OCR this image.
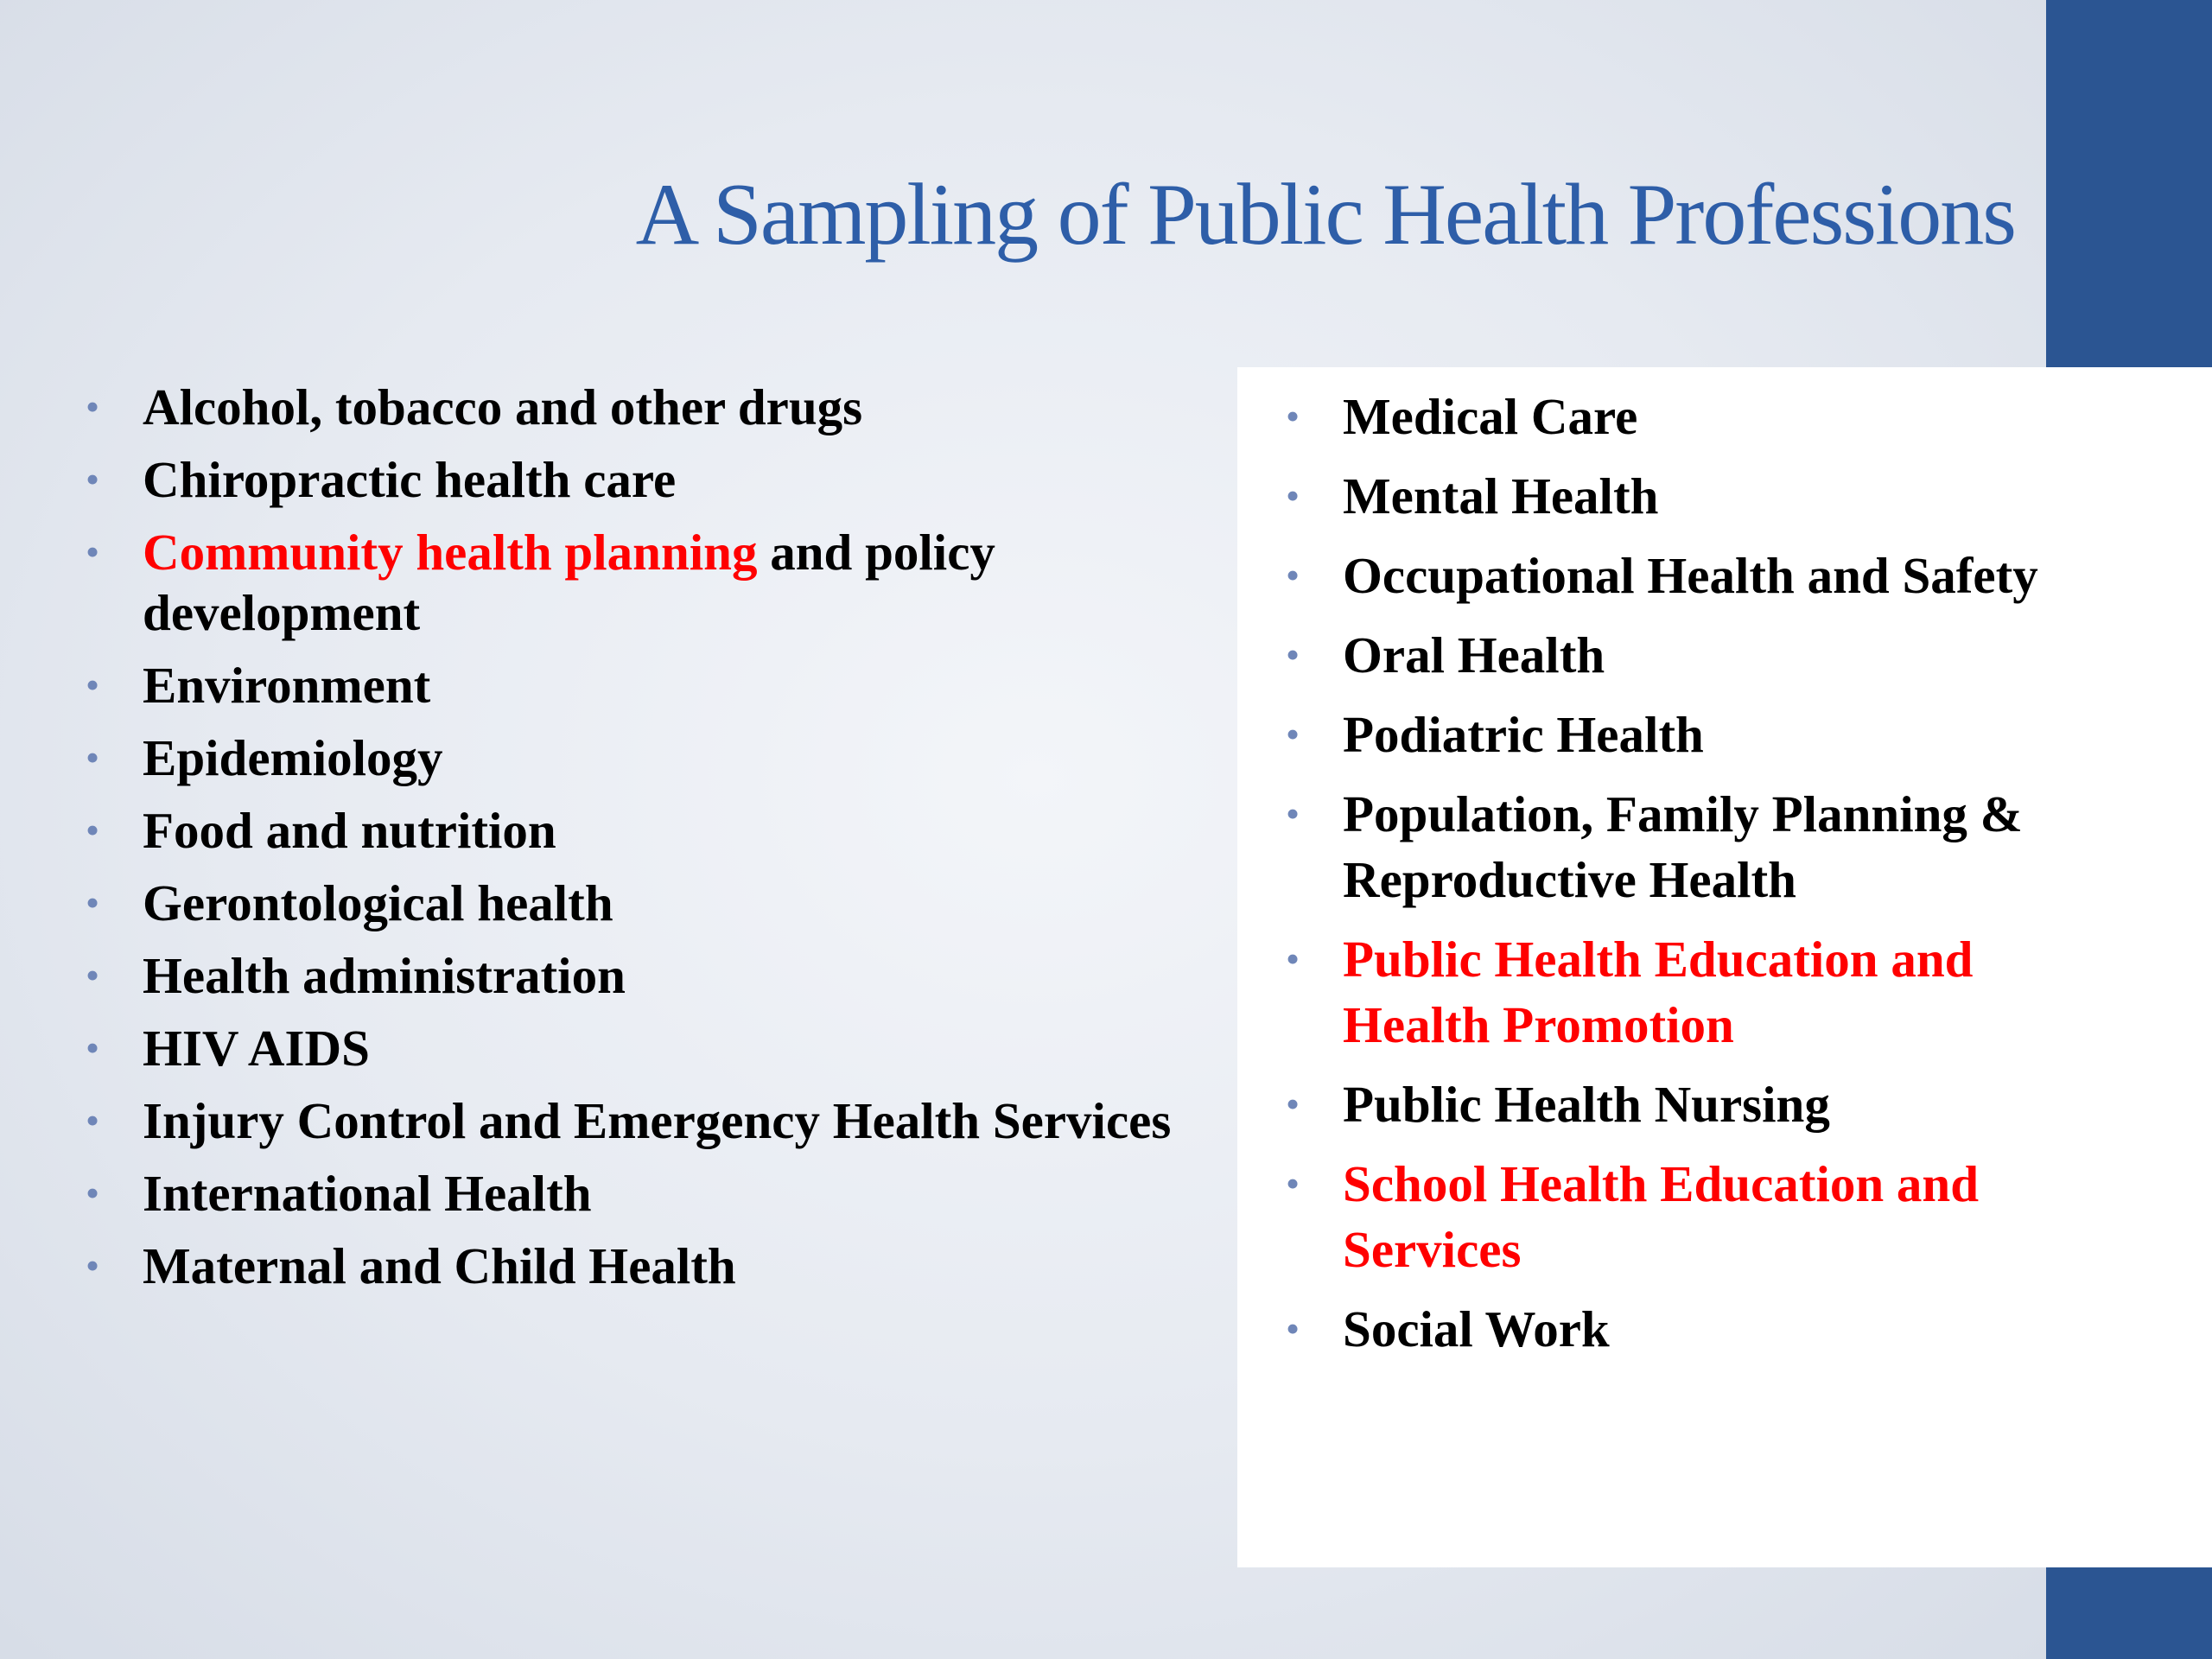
A Sampling of Public Health Professions
• Alcohol, tobacco and other drugs
• Chiropractic health care
• Community health planning and policy development
• Environment
• Epidemiology
• Food and nutrition
• Gerontological health
• Health administration
• HIV AIDS
• Injury Control and Emergency Health Services
• International Health
• Maternal and Child Health
• Medical Care
• Mental Health
• Occupational Health and Safety
• Oral Health
• Podiatric Health
• Population, Family Planning & Reproductive Health
• Public Health Education and Health Promotion
• Public Health Nursing
• School Health Education and Services
• Social Work
